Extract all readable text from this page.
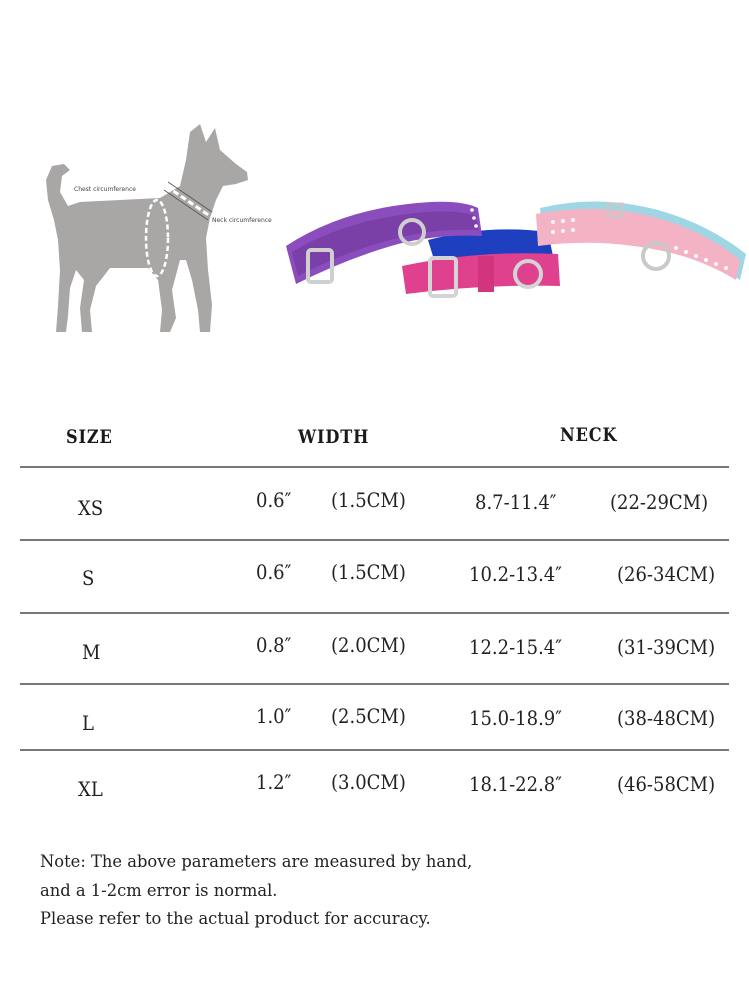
Chest circumference
Neck circumference
SIZE	WIDTH	NECK
XS	0.6″ (1.5CM)	8.7-11.4″	(22-29CM)
S	0.6″ (1.5CM)	10.2-13.4″	(26-34CM)
M	0.8″ (2.0CM)	12.2-15.4″	(31-39CM)
L	1.0″ (2.5CM)	15.0-18.9″	(38-48CM)
XL	1.2″ (3.0CM)	18.1-22.8″	(46-58CM)
Note: The above parameters are measured by hand,
and a 1-2cm error is normal.
Please refer to the actual product for accuracy.
